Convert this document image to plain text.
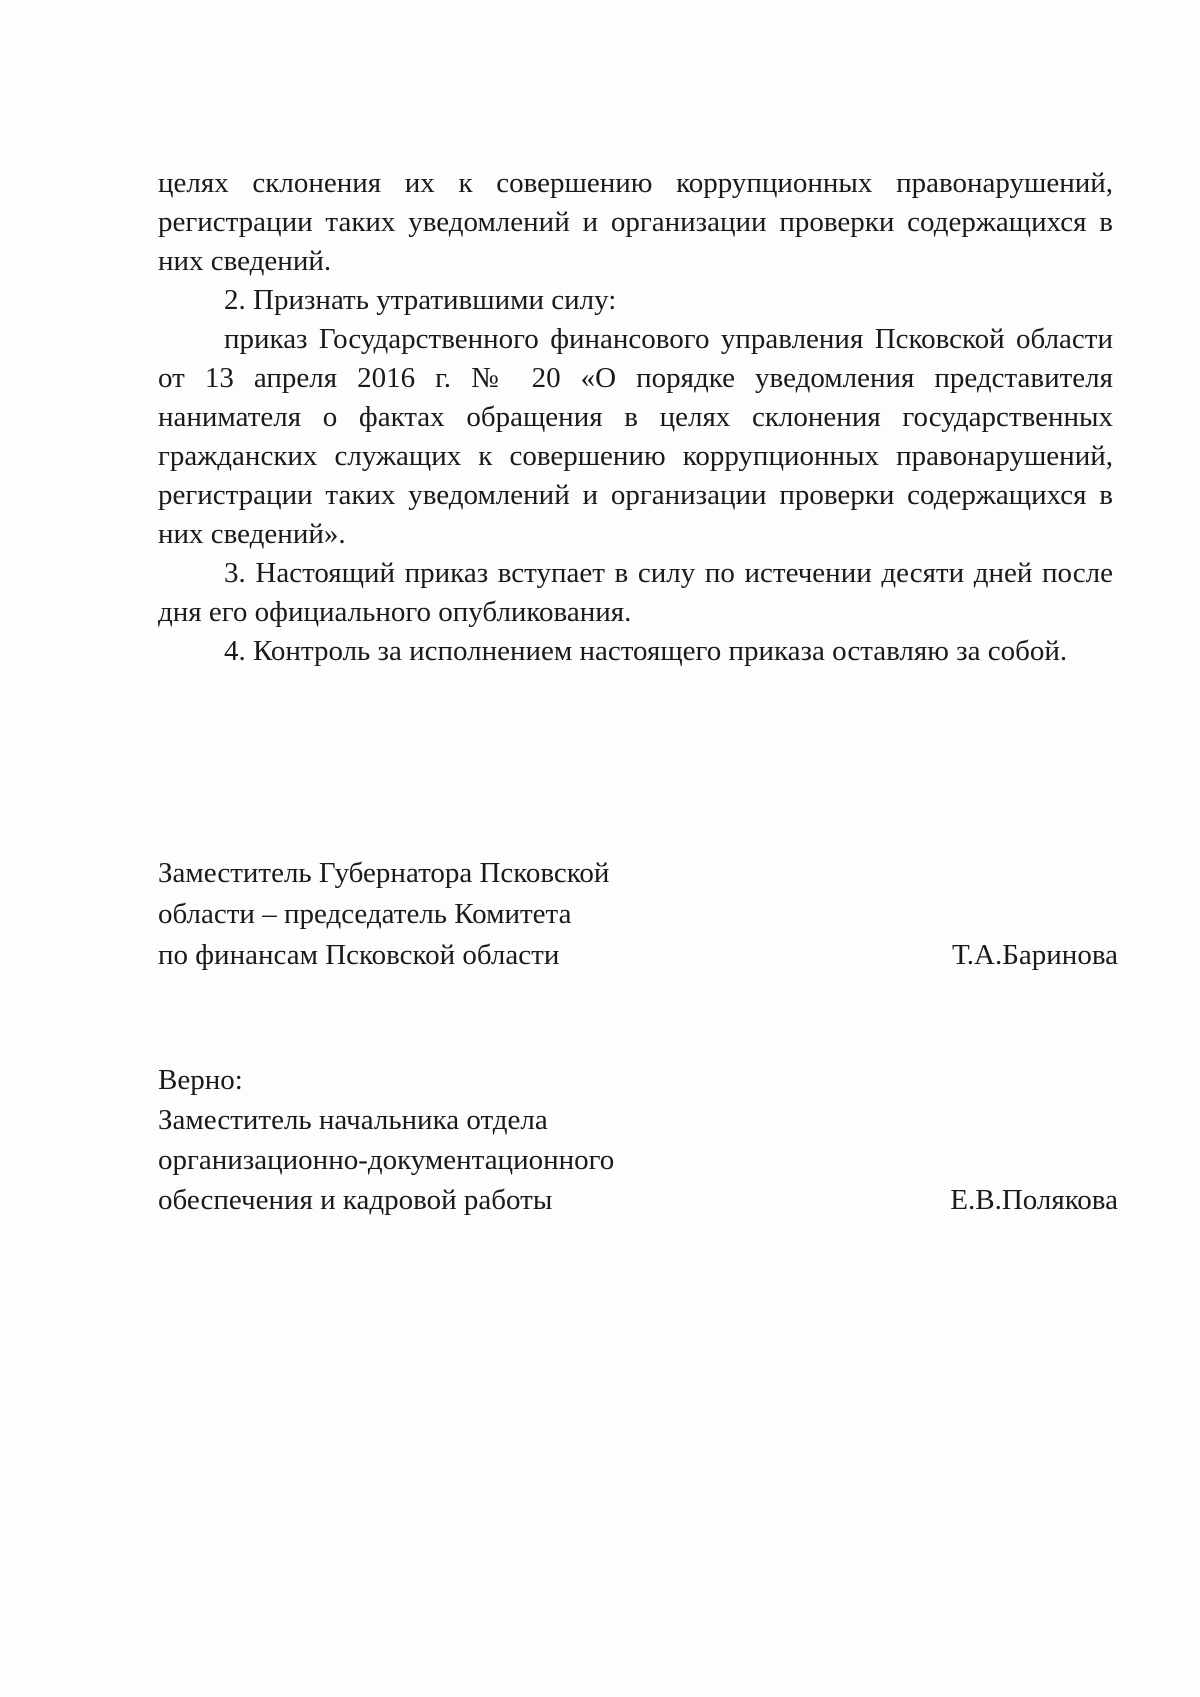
целях склонения их к совершению коррупционных правонарушений, регистрации таких уведомлений и организации проверки содержащихся в них сведений.

2. Признать утратившими силу:

приказ Государственного финансового управления Псковской области от 13 апреля 2016 г. № 20 «О порядке уведомления представителя нанимателя о фактах обращения в целях склонения государственных гражданских служащих к совершению коррупционных правонарушений, регистрации таких уведомлений и организации проверки содержащихся в них сведений».

3. Настоящий приказ вступает в силу по истечении десяти дней после дня его официального опубликования.

4. Контроль за исполнением настоящего приказа оставляю за собой.

Заместитель Губернатора Псковской
области – председатель Комитета
по финансам Псковской области	Т.А.Баринова
Верно:
Заместитель начальника отдела
организационно-документационного
обеспечения и кадровой работы	Е.В.Полякова
